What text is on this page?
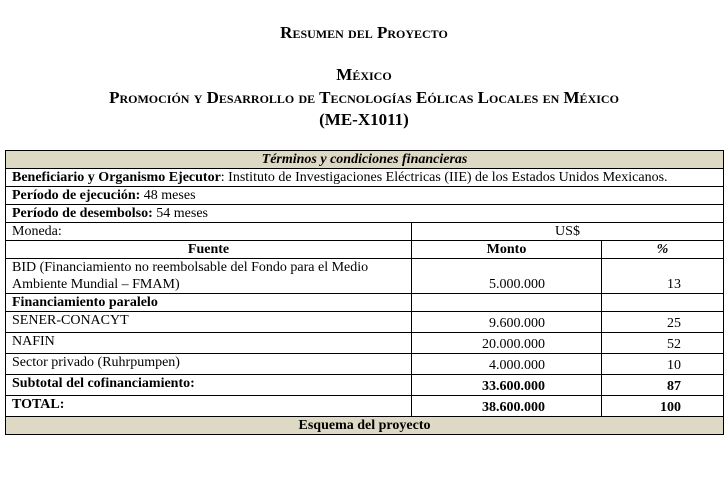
Resumen del Proyecto

México

Promoción y Desarrollo de Tecnologías Eólicas Locales en México

(ME-X1011)

Términos y condiciones financieras		
Beneficiario y Organismo Ejecutor: Instituto de Investigaciones Eléctricas (IIE) de los Estados Unidos Mexicanos.		
Período de ejecución: 48 meses		
Período de desembolso: 54 meses		
Moneda:	US$	
Fuente	Monto	%
BID (Financiamiento no reembolsable del Fondo para el Medio Ambiente Mundial – FMAM)	5.000.000	13
Financiamiento paralelo		
SENER-CONACYT	9.600.000	25
NAFIN	20.000.000	52
Sector privado (Ruhrpumpen)	4.000.000	10
Subtotal del cofinanciamiento:	33.600.000	87
TOTAL:	38.600.000	100
Esquema del proyecto		
